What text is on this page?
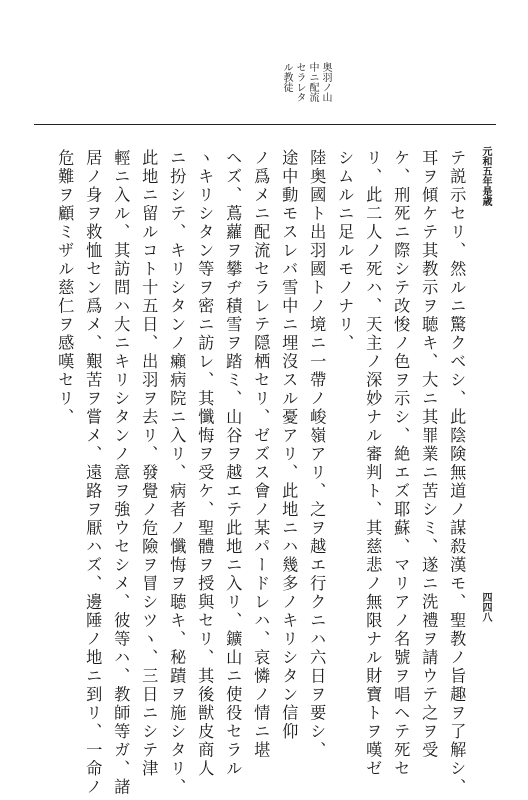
奥羽ノ山
中ニ配流
セラレタ
ル教徒
元和五年是歳
四四八
テ説示セリ、然ルニ驚クベシ、此陰険無道ノ謀殺漢モ、聖教ノ旨趣ヲ了解シ、
耳ヲ傾ケテ其教示ヲ聴キ、大ニ其罪業ニ苦シミ、遂ニ洗禮ヲ請ウテ之ヲ受
ケ、刑死ニ際シテ改悛ノ色ヲ示シ、絶エズ耶蘇、マリアノ名號ヲ唱ヘテ死セ
リ、此二人ノ死ハ、天主ノ深妙ナル審判ト、其慈悲ノ無限ナル財寶トヲ嘆ゼ
シムルニ足ルモノナリ、
陸奥國ト出羽國トノ境ニ一帶ノ峻嶺アリ、之ヲ越エ行クニハ六日ヲ要シ、
途中動モスレバ雪中ニ埋沒スル憂アリ、此地ニハ幾多ノキリシタン信仰
ノ爲メニ配流セラレテ隠栖セリ、ゼズス會ノ某パードレハ、哀憐ノ情ニ堪
ヘズ、蔦蘿ヲ攀ヂ積雪ヲ踏ミ、山谷ヲ越エテ此地ニ入リ、鑛山ニ使役セラル
ヽキリシタン等ヲ密ニ訪レ、其懺悔ヲ受ケ、聖體ヲ授與セリ、其後獣皮商人
ニ扮シテ、キリシタンノ癩病院ニ入リ、病者ノ懺悔ヲ聴キ、秘蹟ヲ施シタリ、
此地ニ留ルコト十五日、出羽ヲ去リ、發覺ノ危險ヲ冒シツヽ、三日ニシテ津
輕ニ入ル、其訪問ハ大ニキリシタンノ意ヲ強ウセシメ、彼等ハ、教師等ガ、諸
居ノ身ヲ救恤セン爲メ、艱苦ヲ嘗メ、遠路ヲ厭ハズ、邊陲ノ地ニ到リ、一命ノ
危難ヲ顧ミザル慈仁ヲ感嘆セリ、
